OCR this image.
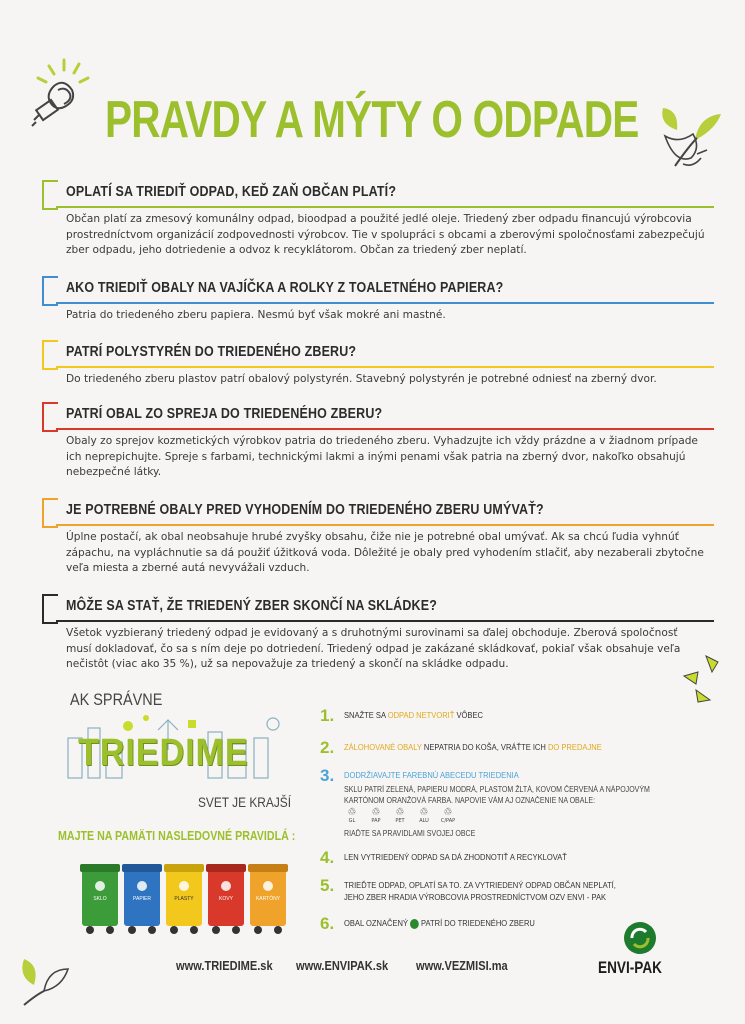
PRAVDY A MÝTY O ODPADE
OPLATÍ SA TRIEDIŤ ODPAD, KEĎ ZAŇ OBČAN PLATÍ?
Občan platí za zmesový komunálny odpad, bioodpad a použité jedlé oleje. Triedený zber odpadu financujú výrobcovia prostredníctvom organizácií zodpovednosti výrobcov. Tie v spolupráci s obcami a zberovými spoločnosťami zabezpečujú zber odpadu, jeho dotriedenie a odvoz k recyklátorom. Občan za triedený zber neplatí.
AKO TRIEDIŤ OBALY NA VAJÍČKA A ROLKY Z TOALETNÉHO PAPIERA?
Patria do triedeného zberu papiera. Nesmú byť však mokré ani mastné.
PATRÍ POLYSTYRÉN DO TRIEDENÉHO ZBERU?
Do triedeného zberu plastov patrí obalový polystyrén. Stavebný polystyrén je potrebné odniesť na zberný dvor.
PATRÍ OBAL ZO SPREJA DO TRIEDENÉHO ZBERU?
Obaly zo sprejov kozmetických výrobkov patria do triedeného zberu. Vyhadzujte ich vždy prázdne a v žiadnom prípade ich neprepichujte. Spreje s farbami, technickými lakmi a inými penami však patria na zberný dvor, nakoľko obsahujú nebezpečné látky.
JE POTREBNÉ OBALY PRED VYHODENÍM DO TRIEDENÉHO ZBERU UMÝVAŤ?
Úplne postačí, ak obal neobsahuje hrubé zvyšky obsahu, čiže nie je potrebné obal umývať. Ak sa chcú ľudia vyhnúť zápachu, na vypláchnutie sa dá použiť úžitková voda. Dôležité je obaly pred vyhodením stlačiť, aby nezaberali zbytočne veľa miesta a zberné autá nevyvážali vzduch.
MÔŽE SA STAŤ, ŽE TRIEDENÝ ZBER SKONČÍ NA SKLÁDKE?
Všetok vyzbieraný triedený odpad je evidovaný a s druhotnými surovinami sa ďalej obchoduje. Zberová spoločnosť musí dokladovať, čo sa s ním deje po dotriedení. Triedený odpad je zakázané skládkovať, pokiaľ však obsahuje veľa nečistôt (viac ako 35 %), už sa nepovažuje za triedený a skončí na skládke odpadu.
AK SPRÁVNE
TRIEDIME
SVET JE KRAJŠÍ
MAJTE NA PAMÄTI NASLEDOVNÉ PRAVIDLÁ :
SKLO	PAPIER	PLASTY	KOVY	KARTÓNY
1. SNAŽTE SA ODPAD NETVORIŤ VÔBEC
2. ZÁLOHOVANÉ OBALY NEPATRIA DO KOŠA, VRÁŤTE ICH DO PREDAJNE
3. DODRŽIAVAJTE FAREBNÚ ABECEDU TRIEDENIA
SKLU PATRÍ ZELENÁ, PAPIERU MODRÁ, PLASTOM ŽLTÁ, KOVOM ČERVENÁ A NÁPOJOVÝM
KARTÓNOM ORANŽOVÁ FARBA. NAPOVIE VÁM AJ OZNAČENIE NA OBALE:
♲
GL
♲
PAP
♲
PET
♲
ALU
♲
C/PAP
RIAĎTE SA PRAVIDLAMI SVOJEJ OBCE
4. LEN VYTRIEDENÝ ODPAD SA DÁ ZHODNOTIŤ A RECYKLOVAŤ
5. TRIEĎTE ODPAD, OPLATÍ SA TO. ZA VYTRIEDENÝ ODPAD OBČAN NEPLATÍ,
JEHO ZBER HRADIA VÝROBCOVIA PROSTREDNÍCTVOM OZV ENVI - PAK
6. OBAL OZNAČENÝ  PATRÍ DO TRIEDENÉHO ZBERU
ENVI-PAK
www.TRIEDIME.sk www.ENVIPAK.sk www.VEZMISI.ma
